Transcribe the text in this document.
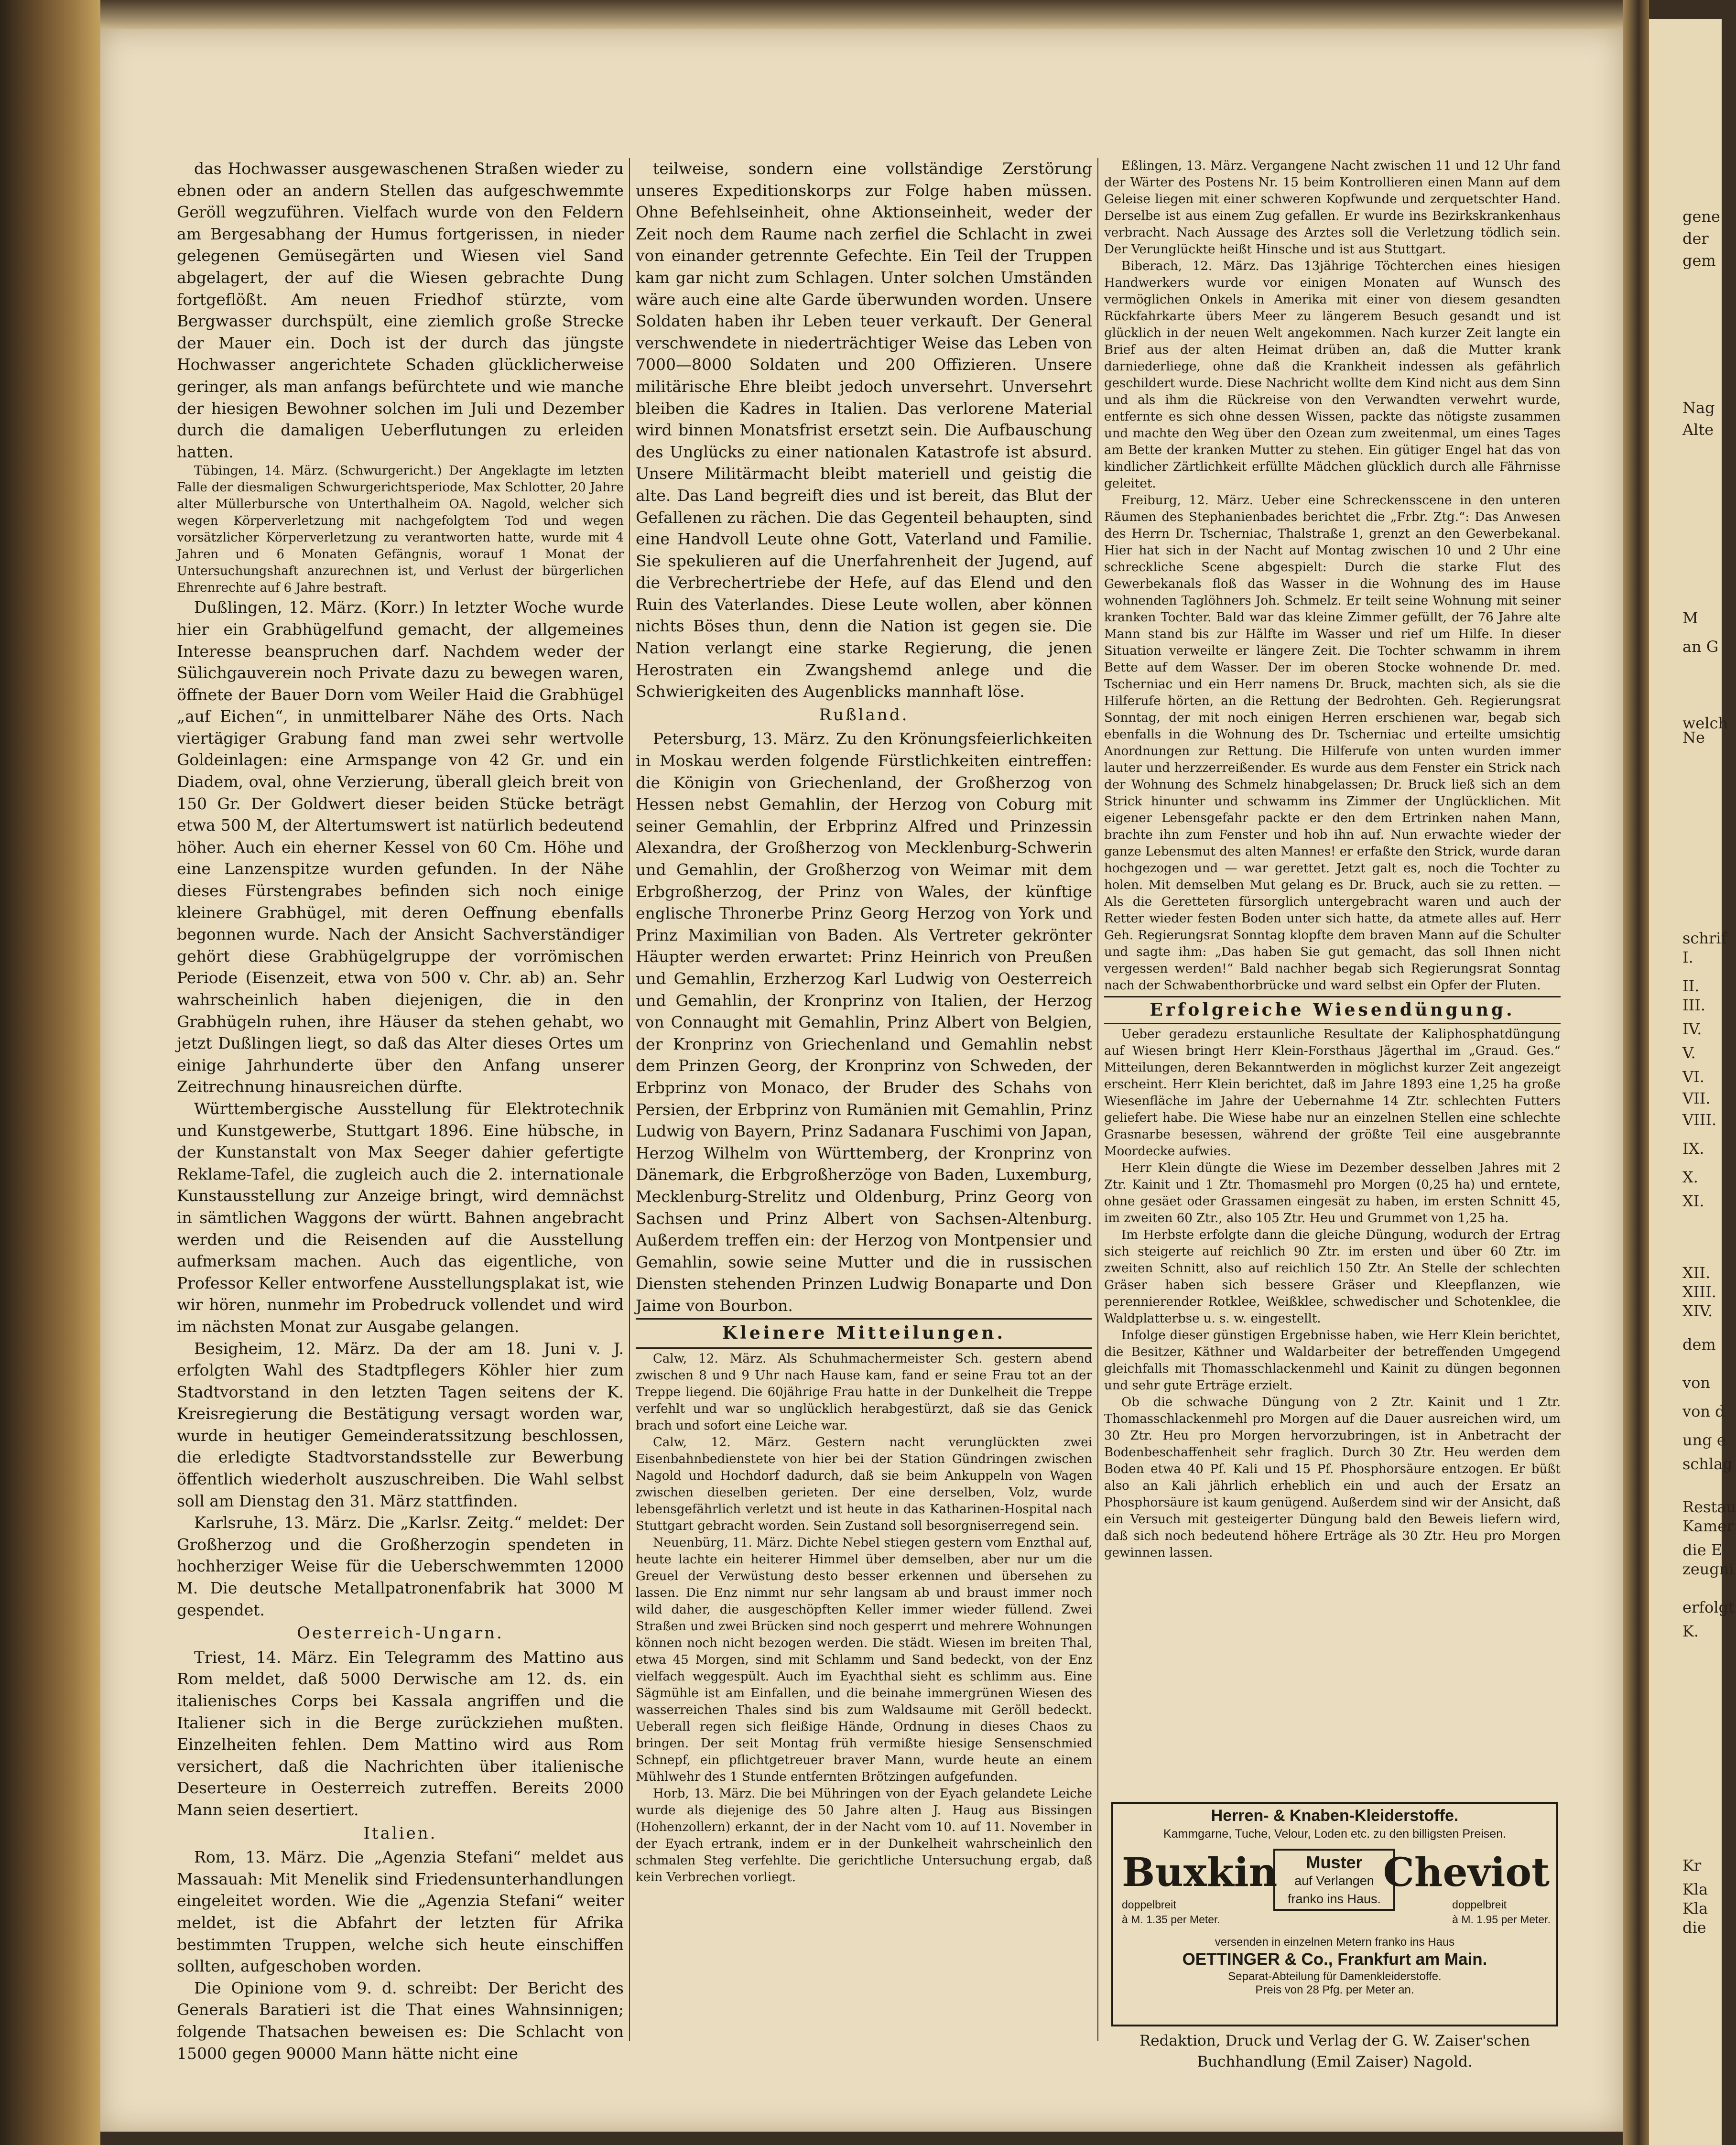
das Hochwasser ausgewaschenen Straßen wieder zu ebnen oder an andern Stellen das aufgeschwemmte Geröll wegzuführen. Vielfach wurde von den Feldern am Bergesabhang der Humus fortgerissen, in nieder gelegenen Gemüsegärten und Wiesen viel Sand abgelagert, der auf die Wiesen gebrachte Dung fortgeflößt. Am neuen Friedhof stürzte, vom Bergwasser durchspült, eine ziemlich große Strecke der Mauer ein. Doch ist der durch das jüngste Hochwasser angerichtete Schaden glücklicherweise geringer, als man anfangs befürchtete und wie manche der hiesigen Bewohner solchen im Juli und Dezember durch die damaligen Ueberflutungen zu erleiden hatten.

Tübingen, 14. März. (Schwurgericht.) Der Angeklagte im letzten Falle der diesmaligen Schwurgerichtsperiode, Max Schlotter, 20 Jahre alter Müllerbursche von Unterthalheim OA. Nagold, welcher sich wegen Körperverletzung mit nachgefolgtem Tod und wegen vorsätzlicher Körperverletzung zu verantworten hatte, wurde mit 4 Jahren und 6 Monaten Gefängnis, worauf 1 Monat der Untersuchungshaft anzurechnen ist, und Verlust der bürgerlichen Ehrenrechte auf 6 Jahre bestraft.

Dußlingen, 12. März. (Korr.) In letzter Woche wurde hier ein Grabhügelfund gemacht, der allgemeines Interesse beanspruchen darf. Nachdem weder der Sülichgauverein noch Private dazu zu bewegen waren, öffnete der Bauer Dorn vom Weiler Haid die Grabhügel „auf Eichen“, in unmittelbarer Nähe des Orts. Nach viertägiger Grabung fand man zwei sehr wertvolle Goldeinlagen: eine Armspange von 42 Gr. und ein Diadem, oval, ohne Verzierung, überall gleich breit von 150 Gr. Der Goldwert dieser beiden Stücke beträgt etwa 500 M, der Altertumswert ist natürlich bedeutend höher. Auch ein eherner Kessel von 60 Cm. Höhe und eine Lanzenspitze wurden gefunden. In der Nähe dieses Fürstengrabes befinden sich noch einige kleinere Grabhügel, mit deren Oeffnung ebenfalls begonnen wurde. Nach der Ansicht Sachverständiger gehört diese Grabhügelgruppe der vorrömischen Periode (Eisenzeit, etwa von 500 v. Chr. ab) an. Sehr wahrscheinlich haben diejenigen, die in den Grabhügeln ruhen, ihre Häuser da stehen gehabt, wo jetzt Dußlingen liegt, so daß das Alter dieses Ortes um einige Jahrhunderte über den Anfang unserer Zeitrechnung hinausreichen dürfte.

Württembergische Ausstellung für Elektrotechnik und Kunstgewerbe, Stuttgart 1896. Eine hübsche, in der Kunstanstalt von Max Seeger dahier gefertigte Reklame-Tafel, die zugleich auch die 2. internationale Kunstausstellung zur Anzeige bringt, wird demnächst in sämtlichen Waggons der württ. Bahnen angebracht werden und die Reisenden auf die Ausstellung aufmerksam machen. Auch das eigentliche, von Professor Keller entworfene Ausstellungsplakat ist, wie wir hören, nunmehr im Probedruck vollendet und wird im nächsten Monat zur Ausgabe gelangen.

Besigheim, 12. März. Da der am 18. Juni v. J. erfolgten Wahl des Stadtpflegers Köhler hier zum Stadtvorstand in den letzten Tagen seitens der K. Kreisregierung die Bestätigung versagt worden war, wurde in heutiger Gemeinderatssitzung beschlossen, die erledigte Stadtvorstandsstelle zur Bewerbung öffentlich wiederholt auszuschreiben. Die Wahl selbst soll am Dienstag den 31. März stattfinden.

Karlsruhe, 13. März. Die „Karlsr. Zeitg.“ meldet: Der Großherzog und die Großherzogin spendeten in hochherziger Weise für die Ueberschwemmten 12000 M. Die deutsche Metallpatronenfabrik hat 3000 M gespendet.

Oesterreich-Ungarn.

Triest, 14. März. Ein Telegramm des Mattino aus Rom meldet, daß 5000 Derwische am 12. ds. ein italienisches Corps bei Kassala angriffen und die Italiener sich in die Berge zurückziehen mußten. Einzelheiten fehlen. Dem Mattino wird aus Rom versichert, daß die Nachrichten über italienische Deserteure in Oesterreich zutreffen. Bereits 2000 Mann seien desertiert.

Italien.

Rom, 13. März. Die „Agenzia Stefani“ meldet aus Massauah: Mit Menelik sind Friedensunterhandlungen eingeleitet worden. Wie die „Agenzia Stefani“ weiter meldet, ist die Abfahrt der letzten für Afrika bestimmten Truppen, welche sich heute einschiffen sollten, aufgeschoben worden.

Die Opinione vom 9. d. schreibt: Der Bericht des Generals Baratieri ist die That eines Wahnsinnigen; folgende Thatsachen beweisen es: Die Schlacht von 15000 gegen 90000 Mann hätte nicht eine

teilweise, sondern eine vollständige Zerstörung unseres Expeditionskorps zur Folge haben müssen. Ohne Befehlseinheit, ohne Aktionseinheit, weder der Zeit noch dem Raume nach zerfiel die Schlacht in zwei von einander getrennte Gefechte. Ein Teil der Truppen kam gar nicht zum Schlagen. Unter solchen Umständen wäre auch eine alte Garde überwunden worden. Unsere Soldaten haben ihr Leben teuer verkauft. Der General verschwendete in niederträchtiger Weise das Leben von 7000—8000 Soldaten und 200 Offizieren. Unsere militärische Ehre bleibt jedoch unversehrt. Unversehrt bleiben die Kadres in Italien. Das verlorene Material wird binnen Monatsfrist ersetzt sein. Die Aufbauschung des Unglücks zu einer nationalen Katastrofe ist absurd. Unsere Militärmacht bleibt materiell und geistig die alte. Das Land begreift dies und ist bereit, das Blut der Gefallenen zu rächen. Die das Gegenteil behaupten, sind eine Handvoll Leute ohne Gott, Vaterland und Familie. Sie spekulieren auf die Unerfahrenheit der Jugend, auf die Verbrechertriebe der Hefe, auf das Elend und den Ruin des Vaterlandes. Diese Leute wollen, aber können nichts Böses thun, denn die Nation ist gegen sie. Die Nation verlangt eine starke Regierung, die jenen Herostraten ein Zwangshemd anlege und die Schwierigkeiten des Augenblicks mannhaft löse.

Rußland.

Petersburg, 13. März. Zu den Krönungsfeierlichkeiten in Moskau werden folgende Fürstlichkeiten eintreffen: die Königin von Griechenland, der Großherzog von Hessen nebst Gemahlin, der Herzog von Coburg mit seiner Gemahlin, der Erbprinz Alfred und Prinzessin Alexandra, der Großherzog von Mecklenburg-Schwerin und Gemahlin, der Großherzog von Weimar mit dem Erbgroßherzog, der Prinz von Wales, der künftige englische Thronerbe Prinz Georg Herzog von York und Prinz Maximilian von Baden. Als Vertreter gekrönter Häupter werden erwartet: Prinz Heinrich von Preußen und Gemahlin, Erzherzog Karl Ludwig von Oesterreich und Gemahlin, der Kronprinz von Italien, der Herzog von Connaught mit Gemahlin, Prinz Albert von Belgien, der Kronprinz von Griechenland und Gemahlin nebst dem Prinzen Georg, der Kronprinz von Schweden, der Erbprinz von Monaco, der Bruder des Schahs von Persien, der Erbprinz von Rumänien mit Gemahlin, Prinz Ludwig von Bayern, Prinz Sadanara Fuschimi von Japan, Herzog Wilhelm von Württemberg, der Kronprinz von Dänemark, die Erbgroßherzöge von Baden, Luxemburg, Mecklenburg-Strelitz und Oldenburg, Prinz Georg von Sachsen und Prinz Albert von Sachsen-Altenburg. Außerdem treffen ein: der Herzog von Montpensier und Gemahlin, sowie seine Mutter und die in russischen Diensten stehenden Prinzen Ludwig Bonaparte und Don Jaime von Bourbon.

Kleinere Mitteilungen.

Calw, 12. März. Als Schuhmachermeister Sch. gestern abend zwischen 8 und 9 Uhr nach Hause kam, fand er seine Frau tot an der Treppe liegend. Die 60jährige Frau hatte in der Dunkelheit die Treppe verfehlt und war so unglücklich herabgestürzt, daß sie das Genick brach und sofort eine Leiche war.

Calw, 12. März. Gestern nacht verunglückten zwei Eisenbahnbedienstete von hier bei der Station Gündringen zwischen Nagold und Hochdorf dadurch, daß sie beim Ankuppeln von Wagen zwischen dieselben gerieten. Der eine derselben, Volz, wurde lebensgefährlich verletzt und ist heute in das Katharinen-Hospital nach Stuttgart gebracht worden. Sein Zustand soll besorgniserregend sein.

Neuenbürg, 11. März. Dichte Nebel stiegen gestern vom Enzthal auf, heute lachte ein heiterer Himmel über demselben, aber nur um die Greuel der Verwüstung desto besser erkennen und übersehen zu lassen. Die Enz nimmt nur sehr langsam ab und braust immer noch wild daher, die ausgeschöpften Keller immer wieder füllend. Zwei Straßen und zwei Brücken sind noch gesperrt und mehrere Wohnungen können noch nicht bezogen werden. Die städt. Wiesen im breiten Thal, etwa 45 Morgen, sind mit Schlamm und Sand bedeckt, von der Enz vielfach weggespült. Auch im Eyachthal sieht es schlimm aus. Eine Sägmühle ist am Einfallen, und die beinahe immergrünen Wiesen des wasserreichen Thales sind bis zum Waldsaume mit Geröll bedeckt. Ueberall regen sich fleißige Hände, Ordnung in dieses Chaos zu bringen. Der seit Montag früh vermißte hiesige Sensenschmied Schnepf, ein pflichtgetreuer braver Mann, wurde heute an einem Mühlwehr des 1 Stunde entfernten Brötzingen aufgefunden.

Horb, 13. März. Die bei Mühringen von der Eyach gelandete Leiche wurde als diejenige des 50 Jahre alten J. Haug aus Bissingen (Hohenzollern) erkannt, der in der Nacht vom 10. auf 11. November in der Eyach ertrank, indem er in der Dunkelheit wahrscheinlich den schmalen Steg verfehlte. Die gerichtliche Untersuchung ergab, daß kein Verbrechen vorliegt.

Eßlingen, 13. März. Vergangene Nacht zwischen 11 und 12 Uhr fand der Wärter des Postens Nr. 15 beim Kontrollieren einen Mann auf dem Geleise liegen mit einer schweren Kopfwunde und zerquetschter Hand. Derselbe ist aus einem Zug gefallen. Er wurde ins Bezirkskrankenhaus verbracht. Nach Aussage des Arztes soll die Verletzung tödlich sein. Der Verunglückte heißt Hinsche und ist aus Stuttgart.

Biberach, 12. März. Das 13jährige Töchterchen eines hiesigen Handwerkers wurde vor einigen Monaten auf Wunsch des vermöglichen Onkels in Amerika mit einer von diesem gesandten Rückfahrkarte übers Meer zu längerem Besuch gesandt und ist glücklich in der neuen Welt angekommen. Nach kurzer Zeit langte ein Brief aus der alten Heimat drüben an, daß die Mutter krank darniederliege, ohne daß die Krankheit indessen als gefährlich geschildert wurde. Diese Nachricht wollte dem Kind nicht aus dem Sinn und als ihm die Rückreise von den Verwandten verwehrt wurde, entfernte es sich ohne dessen Wissen, packte das nötigste zusammen und machte den Weg über den Ozean zum zweitenmal, um eines Tages am Bette der kranken Mutter zu stehen. Ein gütiger Engel hat das von kindlicher Zärtlichkeit erfüllte Mädchen glücklich durch alle Fährnisse geleitet.

Freiburg, 12. März. Ueber eine Schreckensscene in den unteren Räumen des Stephanienbades berichtet die „Frbr. Ztg.“: Das Anwesen des Herrn Dr. Tscherniac, Thalstraße 1, grenzt an den Gewerbekanal. Hier hat sich in der Nacht auf Montag zwischen 10 und 2 Uhr eine schreckliche Scene abgespielt: Durch die starke Flut des Gewerbekanals floß das Wasser in die Wohnung des im Hause wohnenden Taglöhners Joh. Schmelz. Er teilt seine Wohnung mit seiner kranken Tochter. Bald war das kleine Zimmer gefüllt, der 76 Jahre alte Mann stand bis zur Hälfte im Wasser und rief um Hilfe. In dieser Situation verweilte er längere Zeit. Die Tochter schwamm in ihrem Bette auf dem Wasser. Der im oberen Stocke wohnende Dr. med. Tscherniac und ein Herr namens Dr. Bruck, machten sich, als sie die Hilferufe hörten, an die Rettung der Bedrohten. Geh. Regierungsrat Sonntag, der mit noch einigen Herren erschienen war, begab sich ebenfalls in die Wohnung des Dr. Tscherniac und erteilte umsichtig Anordnungen zur Rettung. Die Hilferufe von unten wurden immer lauter und herzzerreißender. Es wurde aus dem Fenster ein Strick nach der Wohnung des Schmelz hinabgelassen; Dr. Bruck ließ sich an dem Strick hinunter und schwamm ins Zimmer der Unglücklichen. Mit eigener Lebensgefahr packte er den dem Ertrinken nahen Mann, brachte ihn zum Fenster und hob ihn auf. Nun erwachte wieder der ganze Lebensmut des alten Mannes! er erfaßte den Strick, wurde daran hochgezogen und — war gerettet. Jetzt galt es, noch die Tochter zu holen. Mit demselben Mut gelang es Dr. Bruck, auch sie zu retten. — Als die Geretteten fürsorglich untergebracht waren und auch der Retter wieder festen Boden unter sich hatte, da atmete alles auf. Herr Geh. Regierungsrat Sonntag klopfte dem braven Mann auf die Schulter und sagte ihm: „Das haben Sie gut gemacht, das soll Ihnen nicht vergessen werden!“ Bald nachher begab sich Regierungsrat Sonntag nach der Schwabenthorbrücke und ward selbst ein Opfer der Fluten.

Erfolgreiche Wiesendüngung.

Ueber geradezu erstaunliche Resultate der Kaliphosphatdüngung auf Wiesen bringt Herr Klein-Forsthaus Jägerthal im „Graud. Ges.“ Mitteilungen, deren Bekanntwerden in möglichst kurzer Zeit angezeigt erscheint. Herr Klein berichtet, daß im Jahre 1893 eine 1,25 ha große Wiesenfläche im Jahre der Uebernahme 14 Ztr. schlechten Futters geliefert habe. Die Wiese habe nur an einzelnen Stellen eine schlechte Grasnarbe besessen, während der größte Teil eine ausgebrannte Moordecke aufwies.

Herr Klein düngte die Wiese im Dezember desselben Jahres mit 2 Ztr. Kainit und 1 Ztr. Thomasmehl pro Morgen (0,25 ha) und erntete, ohne gesäet oder Grassamen eingesät zu haben, im ersten Schnitt 45, im zweiten 60 Ztr., also 105 Ztr. Heu und Grummet von 1,25 ha.

Im Herbste erfolgte dann die gleiche Düngung, wodurch der Ertrag sich steigerte auf reichlich 90 Ztr. im ersten und über 60 Ztr. im zweiten Schnitt, also auf reichlich 150 Ztr. An Stelle der schlechten Gräser haben sich bessere Gräser und Kleepflanzen, wie perennierender Rotklee, Weißklee, schwedischer und Schotenklee, die Waldplatterbse u. s. w. eingestellt.

Infolge dieser günstigen Ergebnisse haben, wie Herr Klein berichtet, die Besitzer, Käthner und Waldarbeiter der betreffenden Umgegend gleichfalls mit Thomasschlackenmehl und Kainit zu düngen begonnen und sehr gute Erträge erzielt.

Ob die schwache Düngung von 2 Ztr. Kainit und 1 Ztr. Thomasschlackenmehl pro Morgen auf die Dauer ausreichen wird, um 30 Ztr. Heu pro Morgen hervorzubringen, ist in Anbetracht der Bodenbeschaffenheit sehr fraglich. Durch 30 Ztr. Heu werden dem Boden etwa 40 Pf. Kali und 15 Pf. Phosphorsäure entzogen. Er büßt also an Kali jährlich erheblich ein und auch der Ersatz an Phosphorsäure ist kaum genügend. Außerdem sind wir der Ansicht, daß ein Versuch mit gesteigerter Düngung bald den Beweis liefern wird, daß sich noch bedeutend höhere Erträge als 30 Ztr. Heu pro Morgen gewinnen lassen.

Herren- & Knaben-Kleiderstoffe.
Kammgarne, Tuche, Velour, Loden etc. zu den billigsten Preisen.
Buxkin	Muster
auf Verlangen
franko ins Haus.
Cheviot
doppelbreit
à M. 1.35 per Meter.
doppelbreit
à M. 1.95 per Meter.
versenden in einzelnen Metern franko ins Haus
OETTINGER & Co., Frankfurt am Main.
Separat-Abteilung für Damenkleiderstoffe.
Preis von 28 Pfg. per Meter an.
Redaktion, Druck und Verlag der G. W. Zaiser'schen
Buchhandlung (Emil Zaiser) Nagold.
gene
der
gem
Nag
Alte
M
an G
welch
Ne
schrif
I.
II.
III.
IV.
V.
VI.
VII.
VIII.
IX.
X.
XI.
XII.
XIII.
XIV.
dem
von
von d
ung e
schlag
Restau
Kamer
die E
zeugni
erfolgt
K.
Kr
Kla
Kla
die
